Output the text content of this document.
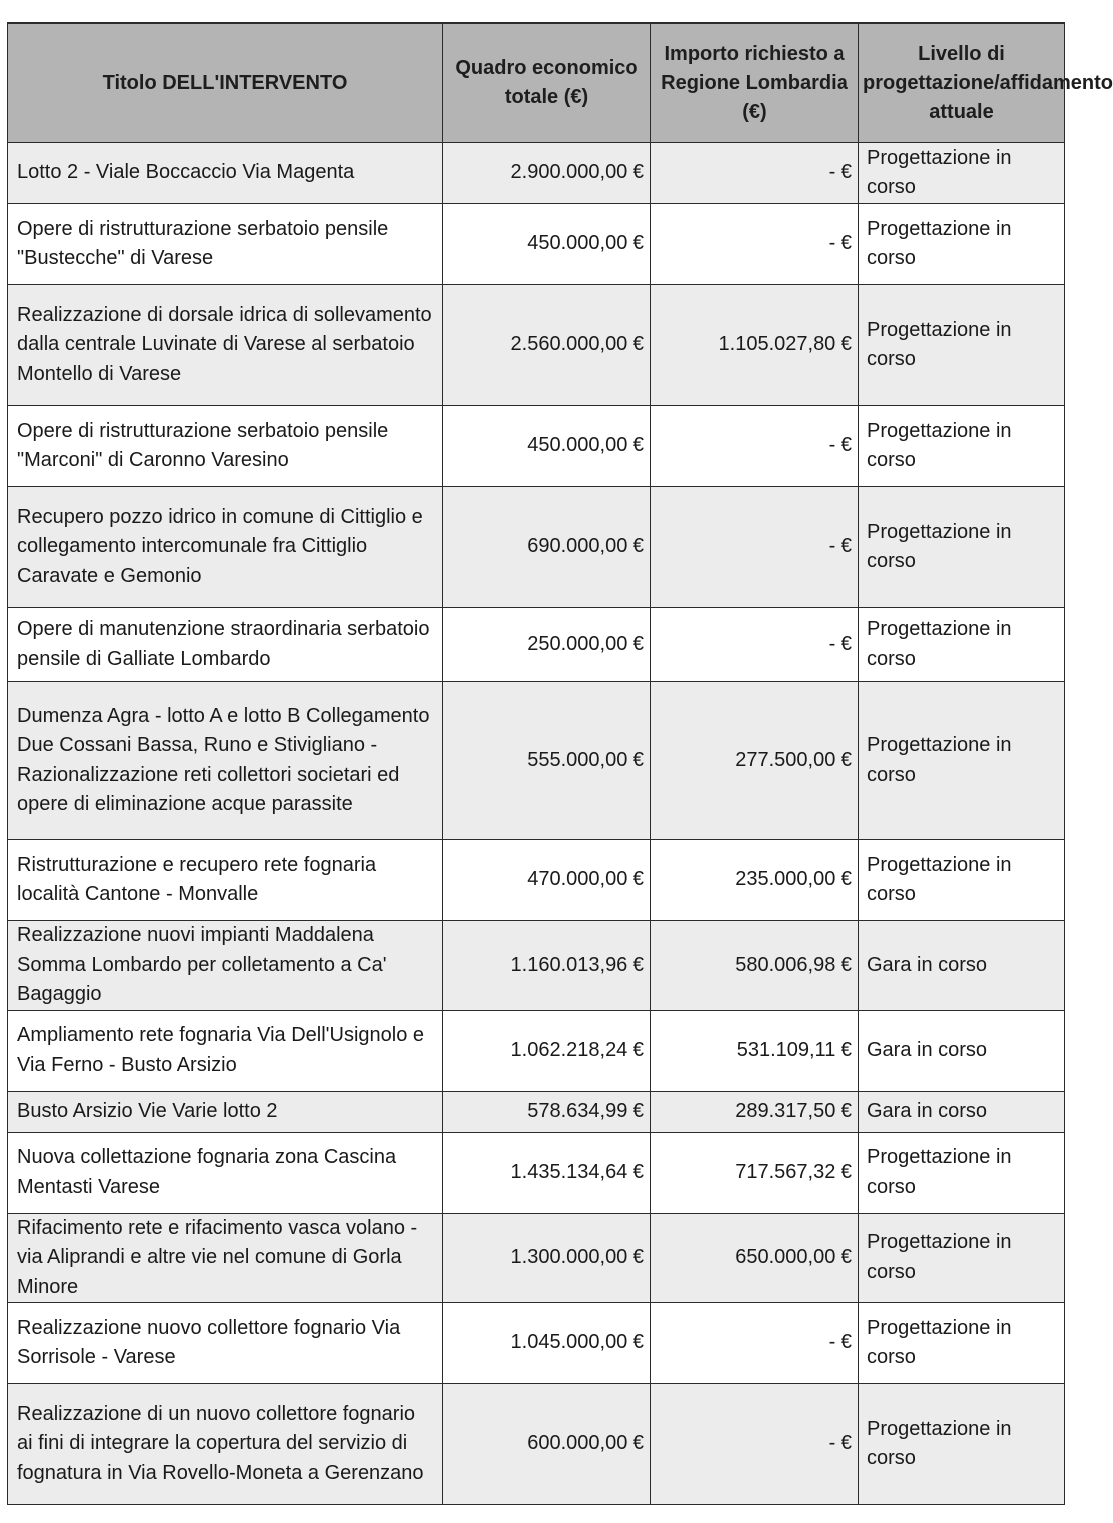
Titolo DELL'INTERVENTO	Quadro economico totale (€)	Importo richiesto a Regione Lombardia (€)	Livello di progettazione/affidamento attuale
Lotto 2 - Viale Boccaccio Via Magenta	2.900.000,00 €	- €	Progettazione in corso
Opere di ristrutturazione serbatoio pensile "Bustecche" di Varese	450.000,00 €	- €	Progettazione in corso
Realizzazione di dorsale idrica di sollevamento dalla centrale Luvinate di Varese al serbatoio Montello di Varese	2.560.000,00 €	1.105.027,80 €	Progettazione in corso
Opere di ristrutturazione serbatoio pensile "Marconi" di Caronno Varesino	450.000,00 €	- €	Progettazione in corso
Recupero pozzo idrico in comune di Cittiglio e collegamento intercomunale fra Cittiglio Caravate e Gemonio	690.000,00 €	- €	Progettazione in corso
Opere di manutenzione straordinaria serbatoio pensile di Galliate Lombardo	250.000,00 €	- €	Progettazione in corso
Dumenza Agra - lotto A e lotto B Collegamento Due Cossani Bassa, Runo e Stivigliano - Razionalizzazione reti collettori societari ed opere di eliminazione acque parassite	555.000,00 €	277.500,00 €	Progettazione in corso
Ristrutturazione e recupero rete fognaria località Cantone - Monvalle	470.000,00 €	235.000,00 €	Progettazione in corso
Realizzazione nuovi impianti Maddalena Somma Lombardo per colletamento a Ca' Bagaggio	1.160.013,96 €	580.006,98 €	Gara in corso
Ampliamento rete fognaria Via Dell'Usignolo e Via Ferno - Busto Arsizio	1.062.218,24 €	531.109,11 €	Gara in corso
Busto Arsizio Vie Varie lotto 2	578.634,99 €	289.317,50 €	Gara in corso
Nuova collettazione fognaria zona Cascina Mentasti Varese	1.435.134,64 €	717.567,32 €	Progettazione in corso
Rifacimento rete e rifacimento vasca volano - via Aliprandi e altre vie nel comune di Gorla Minore	1.300.000,00 €	650.000,00 €	Progettazione in corso
Realizzazione nuovo collettore fognario Via Sorrisole - Varese	1.045.000,00 €	- €	Progettazione in corso
Realizzazione di un nuovo collettore fognario ai fini di integrare la copertura del servizio di fognatura in Via Rovello-Moneta a Gerenzano	600.000,00 €	- €	Progettazione in corso
